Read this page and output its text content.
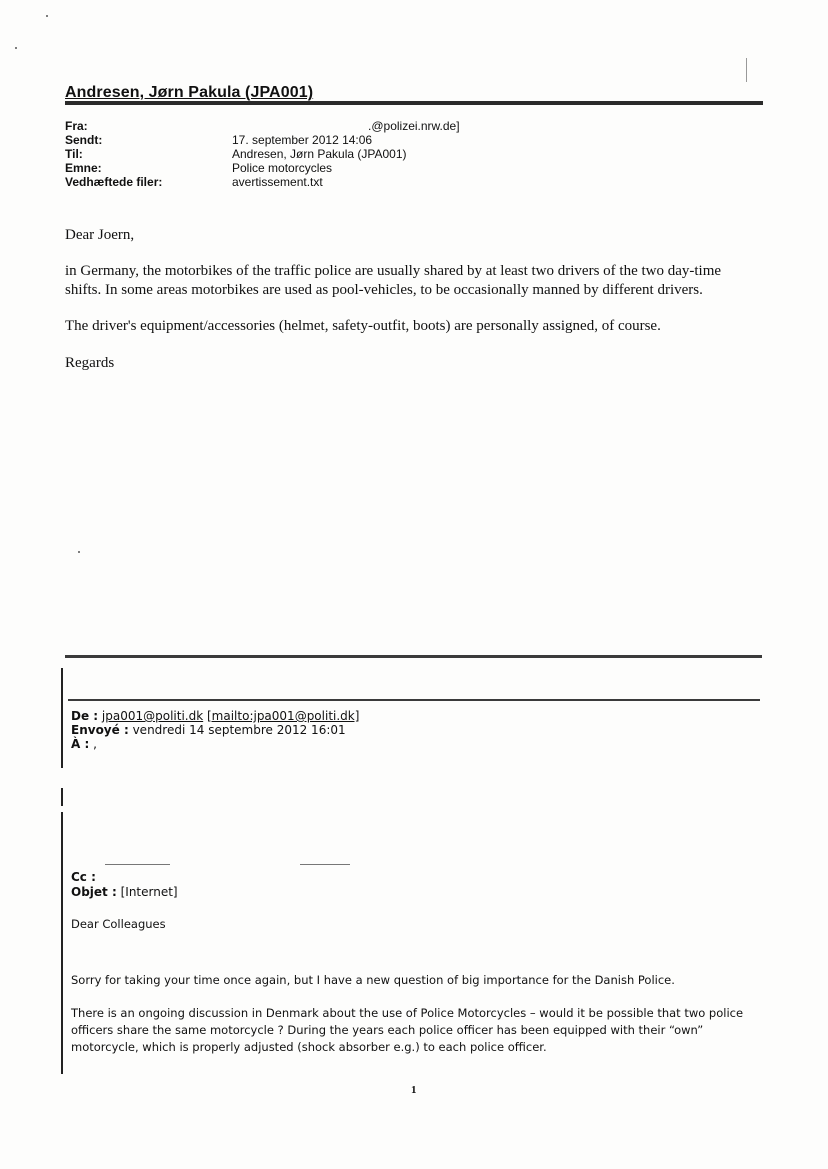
Andresen, Jørn Pakula (JPA001)
Fra:	.@polizei.nrw.de]
Sendt:	17. september 2012 14:06
Til:	Andresen, Jørn Pakula (JPA001)
Emne:	Police motorcycles
Vedhæftede filer:	avertissement.txt
Dear Joern,
in Germany, the motorbikes of the traffic police are usually shared by at least two drivers of the two day-time shifts. In some areas motorbikes are used as pool-vehicles, to be occasionally manned by different drivers.
The driver's equipment/accessories (helmet, safety-outfit, boots) are personally assigned, of course.
Regards
De : jpa001@politi.dk [mailto:jpa001@politi.dk]
Envoyé : vendredi 14 septembre 2012 16:01
À : ,
Cc :
Objet : [Internet]
Dear Colleagues
Sorry for taking your time once again, but I have a new question of big importance for the Danish Police.
There is an ongoing discussion in Denmark about the use of Police Motorcycles – would it be possible that two police officers share the same motorcycle ? During the years each police officer has been equipped with their “own” motorcycle, which is properly adjusted (shock absorber e.g.) to each police officer.
1
